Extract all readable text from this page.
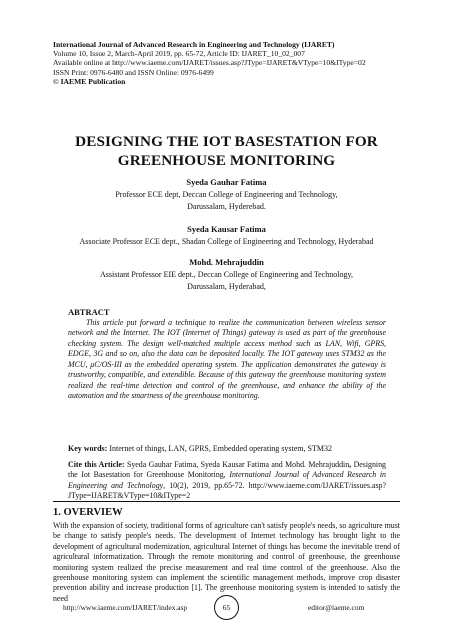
International Journal of Advanced Research in Engineering and Technology (IJARET)
Volume 10, Issue 2, March-April 2019, pp. 65-72, Article ID: IJARET_10_02_007
Available online at http://www.iaeme.com/IJARET/issues.asp?JType=IJARET&VType=10&IType=02
ISSN Print: 0976-6480 and ISSN Online: 0976-6499
© IAEME Publication
DESIGNING THE IOT BASESTATION FOR
GREENHOUSE MONITORING
Syeda Gauhar Fatima
Professor ECE dept, Deccan College of Engineering and Technology,
Darussalam, Hyderebad.
Syeda Kausar Fatima
Associate Professor ECE dept., Shadan College of Engineering and Technology, Hyderabad
Mohd. Mehrajuddin
Assistant Professor EIE dept., Deccan College of Engineering and Technology,
Darussalam, Hyderabad,
ABTRACT
This article put forward a technique to realize the communication between wireless sensor network and the Internet. The IOT (Internet of Things) gateway is used as part of the greenhouse checking system. The design well-matched multiple access method such as LAN, Wifi, GPRS, EDGE, 3G and so on, also the data can be deposited locally. The IOT gateway uses STM32 as the MCU, μC/OS-III as the embedded operating system. The application demonstrates the gateway is trustworthy, compatible, and extendible. Because of this gateway the greenhouse monitoring system realized the real-time detection and control of the greenhouse, and enhance the ability of the automation and the smartness of the greenhouse monitoring.
Key words: Internet of things, LAN, GPRS, Embedded operating system, STM32
Cite this Article: Syeda Gauhar Fatima, Syeda Kausar Fatima and Mohd. Mehrajuddin, Designing the Iot Basestation for Greenhouse Monitoring, International Journal of Advanced Research in Engineering and Technology, 10(2), 2019, pp.65-72. http://www.iaeme.com/IJARET/issues.asp?JType=IJARET&VType=10&IType=2
1. OVERVIEW
With the expansion of society, traditional forms of agriculture can't satisfy people's needs, so agriculture must be change to satisfy people's needs. The development of Internet technology has brought light to the development of agricultural modernization, agricultural Internet of things has become the inevitable trend of agricultural informatization. Through the remote monitoring and control of greenhouse, the greenhouse monitoring system realized the precise measurement and real time control of the greenhouse. Also the greenhouse monitoring system can implement the scientific management methods, improve crop disaster prevention ability and increase production [1]. The greenhouse monitoring system is intended to satisfy the need
http://www.iaeme.com/IJARET/index.asp	65	editor@iaeme.com
